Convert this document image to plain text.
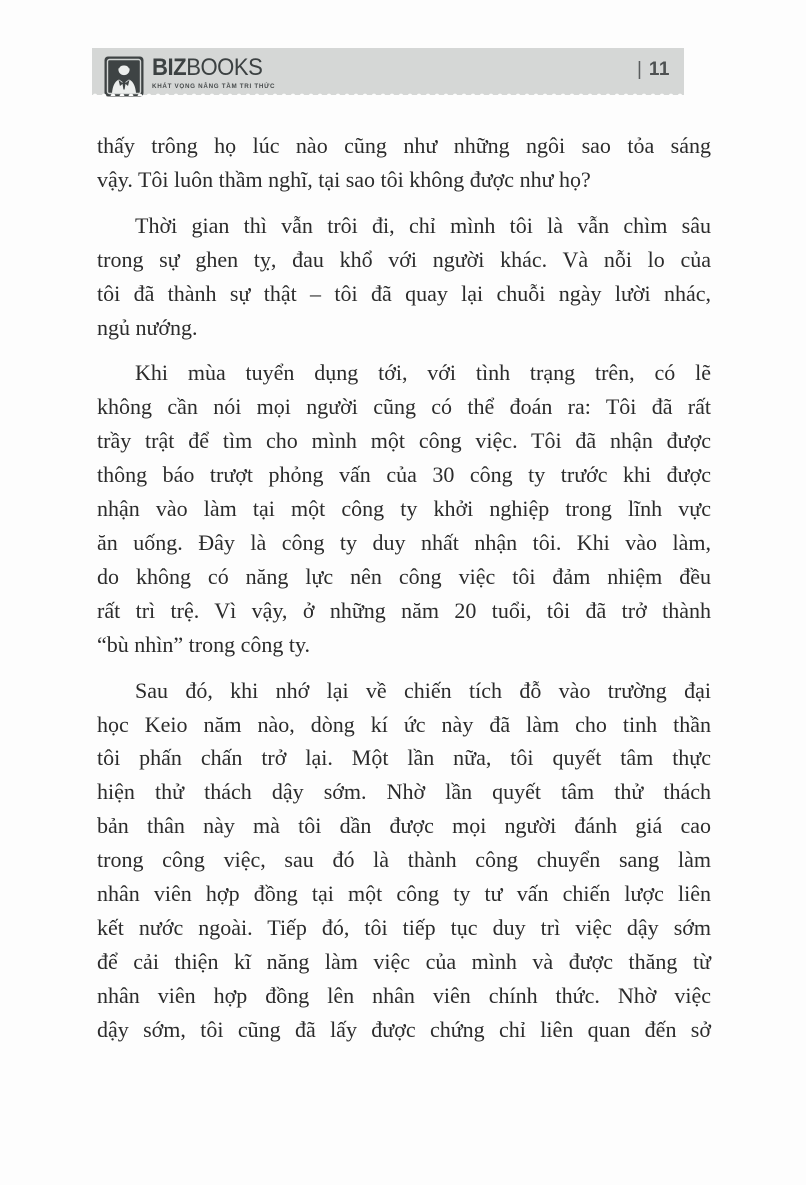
BIZBOOKS
KHÁT VỌNG NÂNG TẦM TRI THỨC
| 11
thấy trông họ lúc nào cũng như những ngôi sao tỏa sáng
vậy. Tôi luôn thầm nghĩ, tại sao tôi không được như họ?
Thời gian thì vẫn trôi đi, chỉ mình tôi là vẫn chìm sâu
trong sự ghen tỵ, đau khổ với người khác. Và nỗi lo của
tôi đã thành sự thật – tôi đã quay lại chuỗi ngày lười nhác,
ngủ nướng.
Khi mùa tuyển dụng tới, với tình trạng trên, có lẽ
không cần nói mọi người cũng có thể đoán ra: Tôi đã rất
trầy trật để tìm cho mình một công việc. Tôi đã nhận được
thông báo trượt phỏng vấn của 30 công ty trước khi được
nhận vào làm tại một công ty khởi nghiệp trong lĩnh vực
ăn uống. Đây là công ty duy nhất nhận tôi. Khi vào làm,
do không có năng lực nên công việc tôi đảm nhiệm đều
rất trì trệ. Vì vậy, ở những năm 20 tuổi, tôi đã trở thành
“bù nhìn” trong công ty.
Sau đó, khi nhớ lại về chiến tích đỗ vào trường đại
học Keio năm nào, dòng kí ức này đã làm cho tinh thần
tôi phấn chấn trở lại. Một lần nữa, tôi quyết tâm thực
hiện thử thách dậy sớm. Nhờ lần quyết tâm thử thách
bản thân này mà tôi dần được mọi người đánh giá cao
trong công việc, sau đó là thành công chuyển sang làm
nhân viên hợp đồng tại một công ty tư vấn chiến lược liên
kết nước ngoài. Tiếp đó, tôi tiếp tục duy trì việc dậy sớm
để cải thiện kĩ năng làm việc của mình và được thăng từ
nhân viên hợp đồng lên nhân viên chính thức. Nhờ việc
dậy sớm, tôi cũng đã lấy được chứng chỉ liên quan đến sở
